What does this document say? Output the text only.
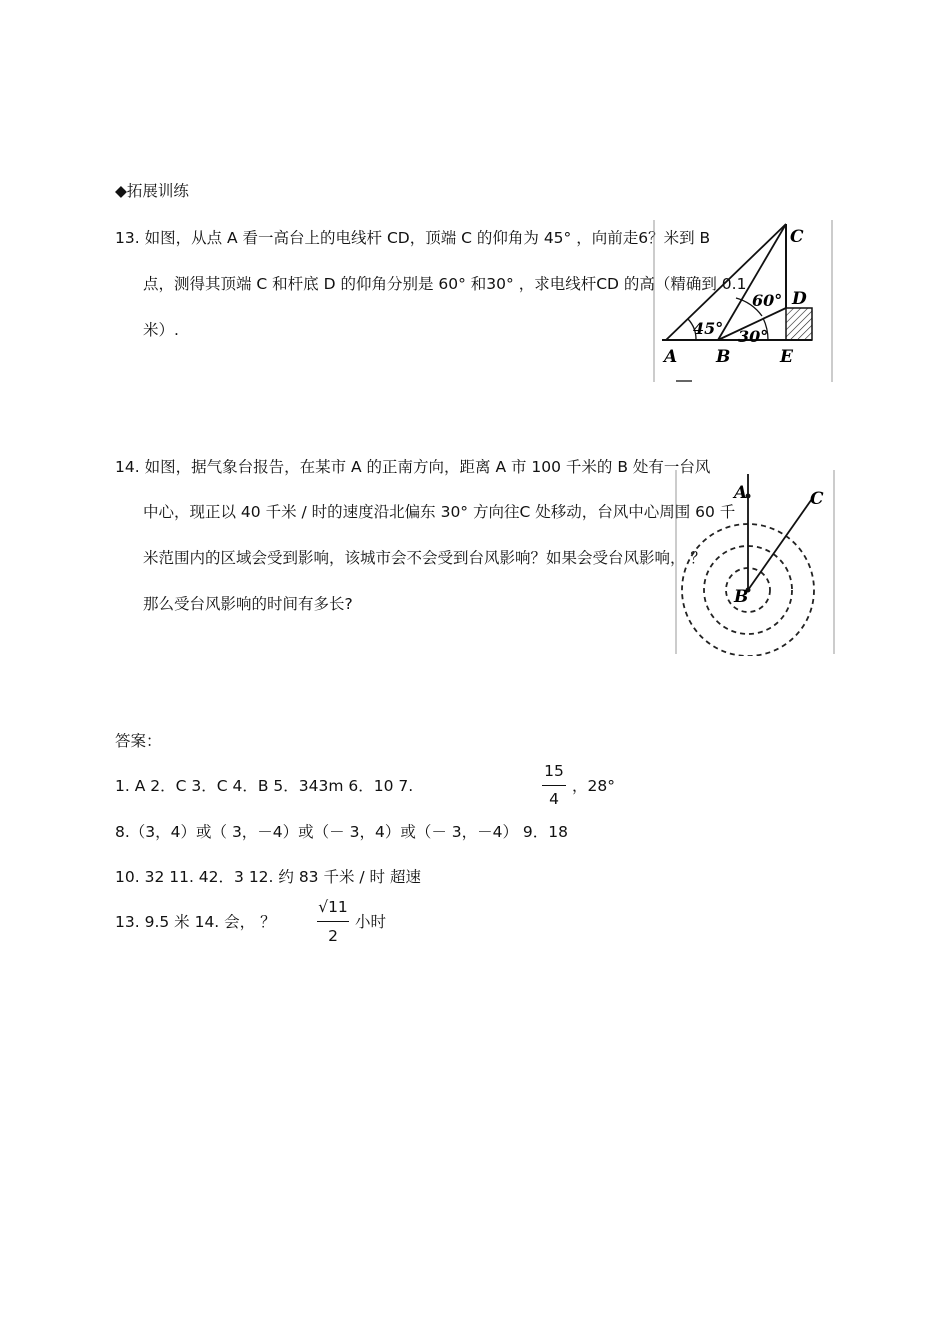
◆拓展训练
13. 如图，从点 A 看一高台上的电线杆 CD，顶端 C 的仰角为 45° ，向前走6？米到 B
点，测得其顶端 C 和杆底 D 的仰角分别是 60° 和30° ，求电线杆CD 的高（精确到 0.1
米）.	45°
60°
30°
A B
C
D
E
14. 如图，据气象台报告，在某市 A 的正南方向，距离 A 市 100 千米的 B 处有一台风
中心，现正以 40 千米 / 时的速度沿北偏东 30° 方向往C 处移动，台风中心周围 60 千
米范围内的区域会受到影响，该城市会不会受到台风影响？如果会受台风影响， ？
那么受台风影响的时间有多长?
A
B
C
答案：
1. A 2．C 3．C 4．B 5．343m 6．10 7.
15
4
，28°
8.（3，4）或（ 3，－4）或（－ 3，4）或（－ 3，－4） 9．18
10. 32 11. 42．3 12. 约 83 千米 / 时 超速
13. 9.5 米 14. 会， ？
√11
2
小时
